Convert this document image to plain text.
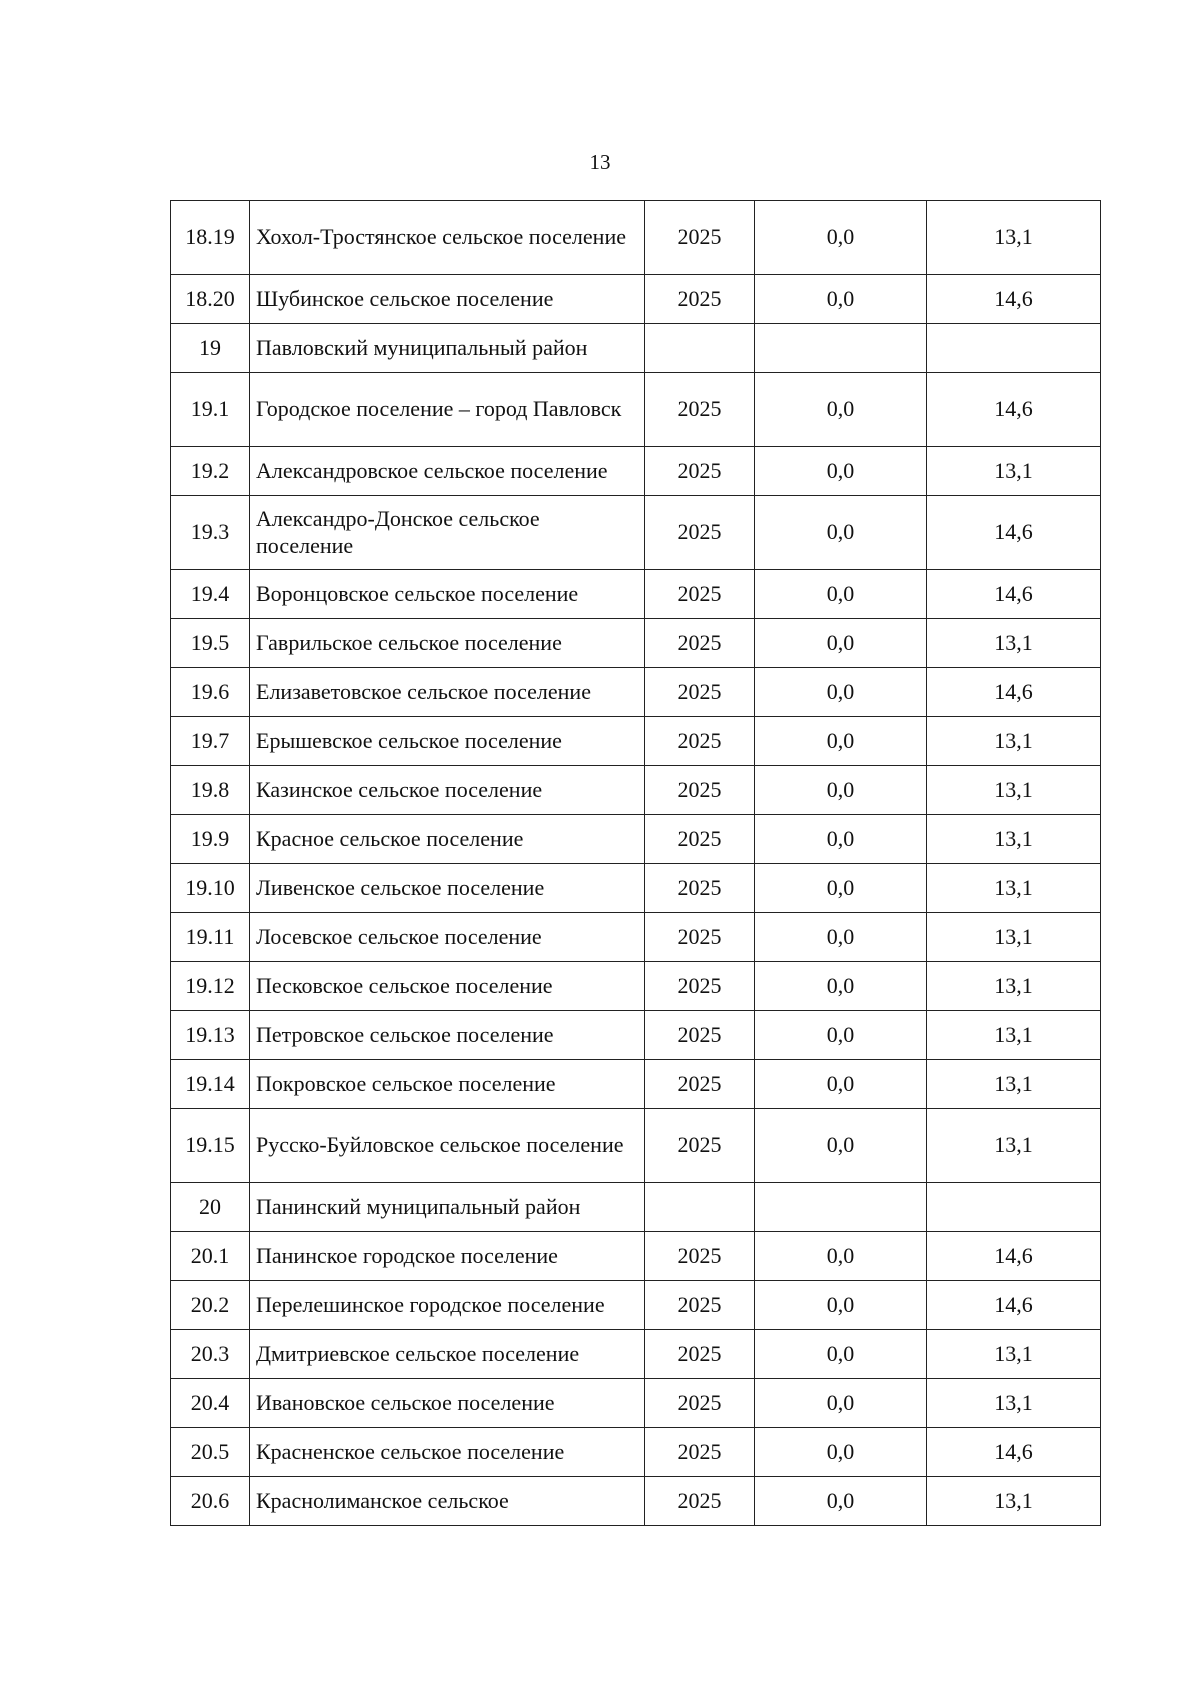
13
18.19	Хохол-Тростянское сельское поселение	2025	0,0	13,1
18.20	Шубинское сельское поселение	2025	0,0	14,6
19	Павловский муниципальный район			
19.1	Городское поселение – город Павловск	2025	0,0	14,6
19.2	Александровское сельское поселение	2025	0,0	13,1
19.3	Александро-Донское сельское поселение	2025	0,0	14,6
19.4	Воронцовское сельское поселение	2025	0,0	14,6
19.5	Гаврильское сельское поселение	2025	0,0	13,1
19.6	Елизаветовское сельское поселение	2025	0,0	14,6
19.7	Ерышевское сельское поселение	2025	0,0	13,1
19.8	Казинское сельское поселение	2025	0,0	13,1
19.9	Красное сельское поселение	2025	0,0	13,1
19.10	Ливенское сельское поселение	2025	0,0	13,1
19.11	Лосевское сельское поселение	2025	0,0	13,1
19.12	Песковское сельское поселение	2025	0,0	13,1
19.13	Петровское сельское поселение	2025	0,0	13,1
19.14	Покровское сельское поселение	2025	0,0	13,1
19.15	Русско-Буйловское сельское поселение	2025	0,0	13,1
20	Панинский муниципальный район			
20.1	Панинское городское поселение	2025	0,0	14,6
20.2	Перелешинское городское поселение	2025	0,0	14,6
20.3	Дмитриевское сельское поселение	2025	0,0	13,1
20.4	Ивановское сельское поселение	2025	0,0	13,1
20.5	Красненское сельское поселение	2025	0,0	14,6
20.6	Краснолиманское сельское	2025	0,0	13,1
